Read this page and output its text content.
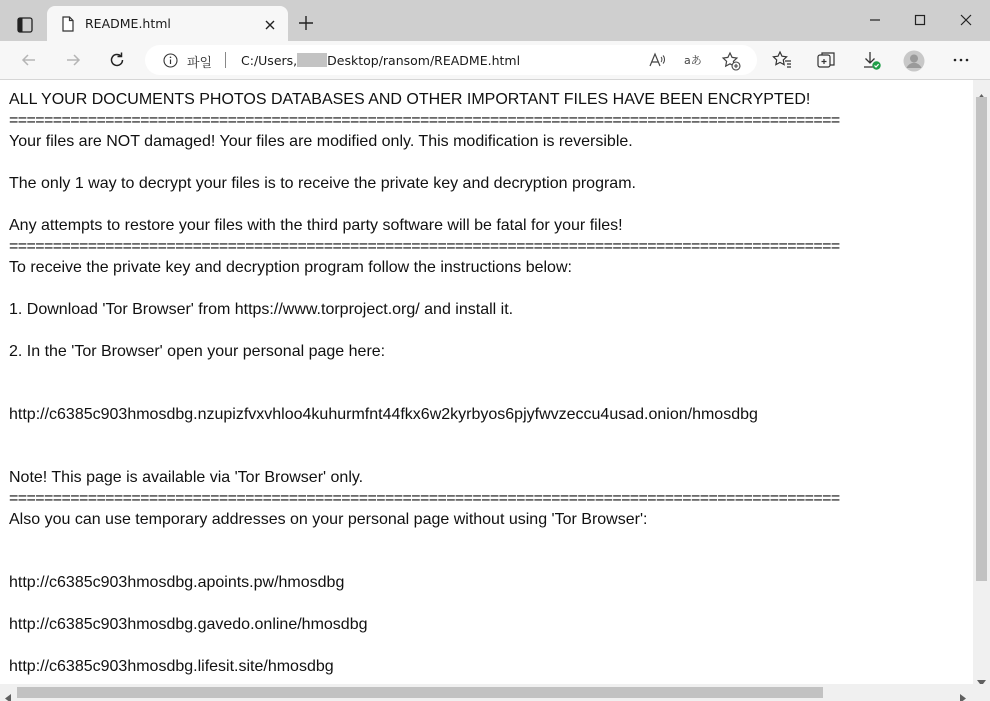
README.html
파일 C:/Users, Desktop/ransom/README.html	aあ
ALL YOUR DOCUMENTS PHOTOS DATABASES AND OTHER IMPORTANT FILES HAVE BEEN ENCRYPTED!
===============================================================================================
Your files are NOT damaged! Your files are modified only. This modification is reversible.
The only 1 way to decrypt your files is to receive the private key and decryption program.
Any attempts to restore your files with the third party software will be fatal for your files!
===============================================================================================
To receive the private key and decryption program follow the instructions below:
1. Download 'Tor Browser' from https://www.torproject.org/ and install it.
2. In the 'Tor Browser' open your personal page here:
http://c6385c903hmosdbg.nzupizfvxvhloo4kuhurmfnt44fkx6w2kyrbyos6pjyfwvzeccu4usad.onion/hmosdbg
Note! This page is available via 'Tor Browser' only.
===============================================================================================
Also you can use temporary addresses on your personal page without using 'Tor Browser':
http://c6385c903hmosdbg.apoints.pw/hmosdbg
http://c6385c903hmosdbg.gavedo.online/hmosdbg
http://c6385c903hmosdbg.lifesit.site/hmosdbg
